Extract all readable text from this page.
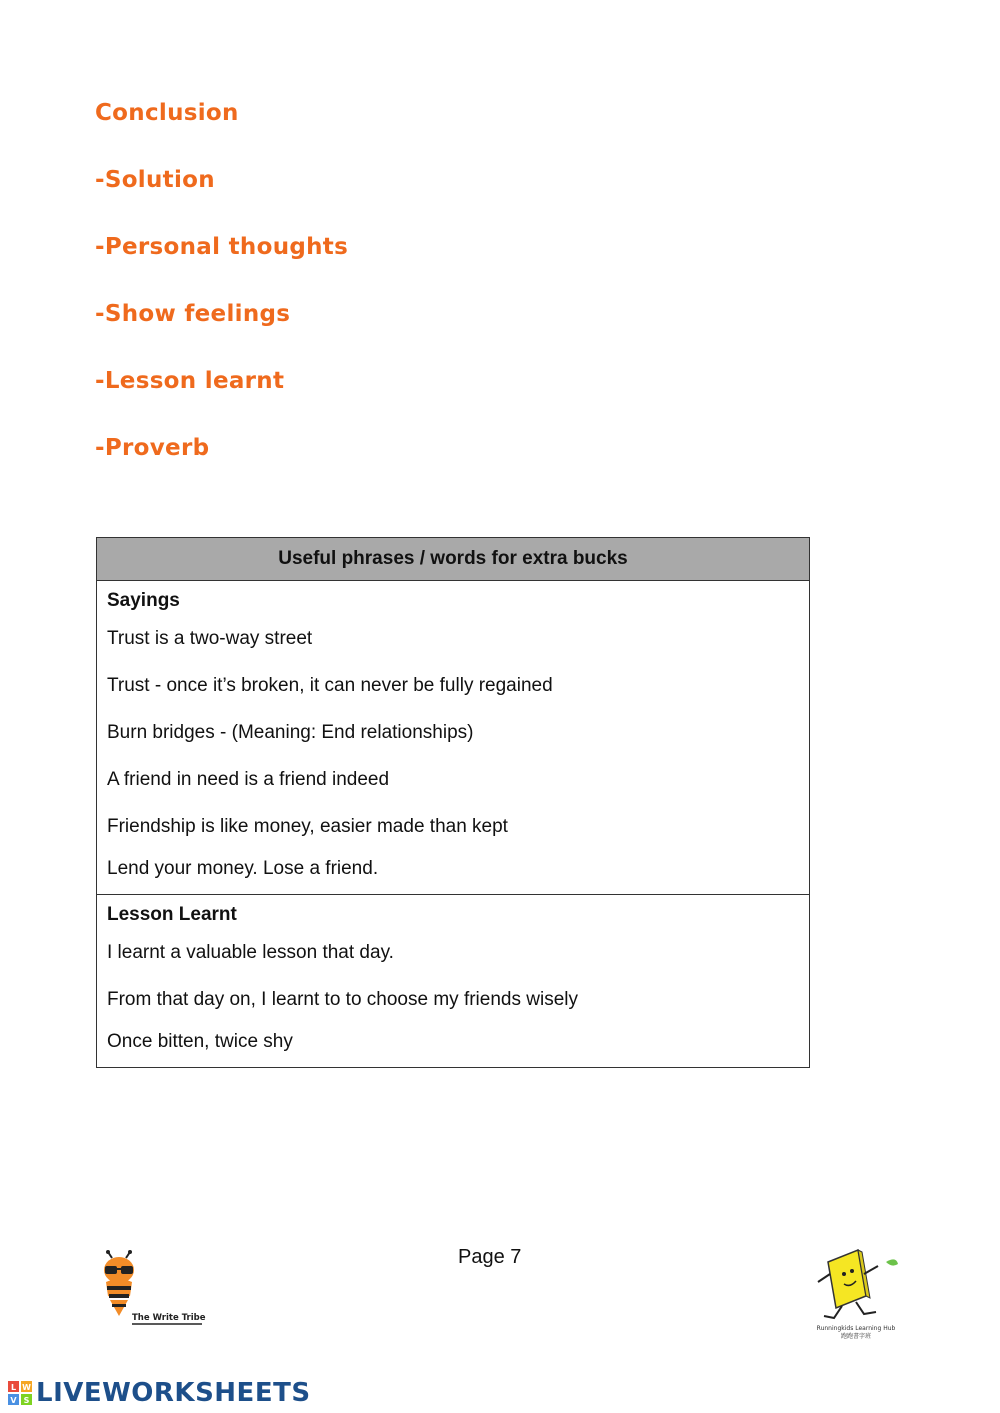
Conclusion
-Solution
-Personal thoughts
-Show feelings
-Lesson learnt
-Proverb
Useful phrases / words for extra bucks
Sayings
Trust is a two-way street
Trust - once it’s broken, it can never be fully regained
Burn bridges - (Meaning: End relationships)
A friend in need is a friend indeed
Friendship is like money, easier made than kept
Lend your money. Lose a friend.
Lesson Learnt
I learnt a valuable lesson that day.
From that day on, I learnt to to choose my friends wisely
Once bitten, twice shy
Page 7
The Write Tribe
Runningkids Learning Hub
跑跑書字班
L W
V S LIVEWORKSHEETS
